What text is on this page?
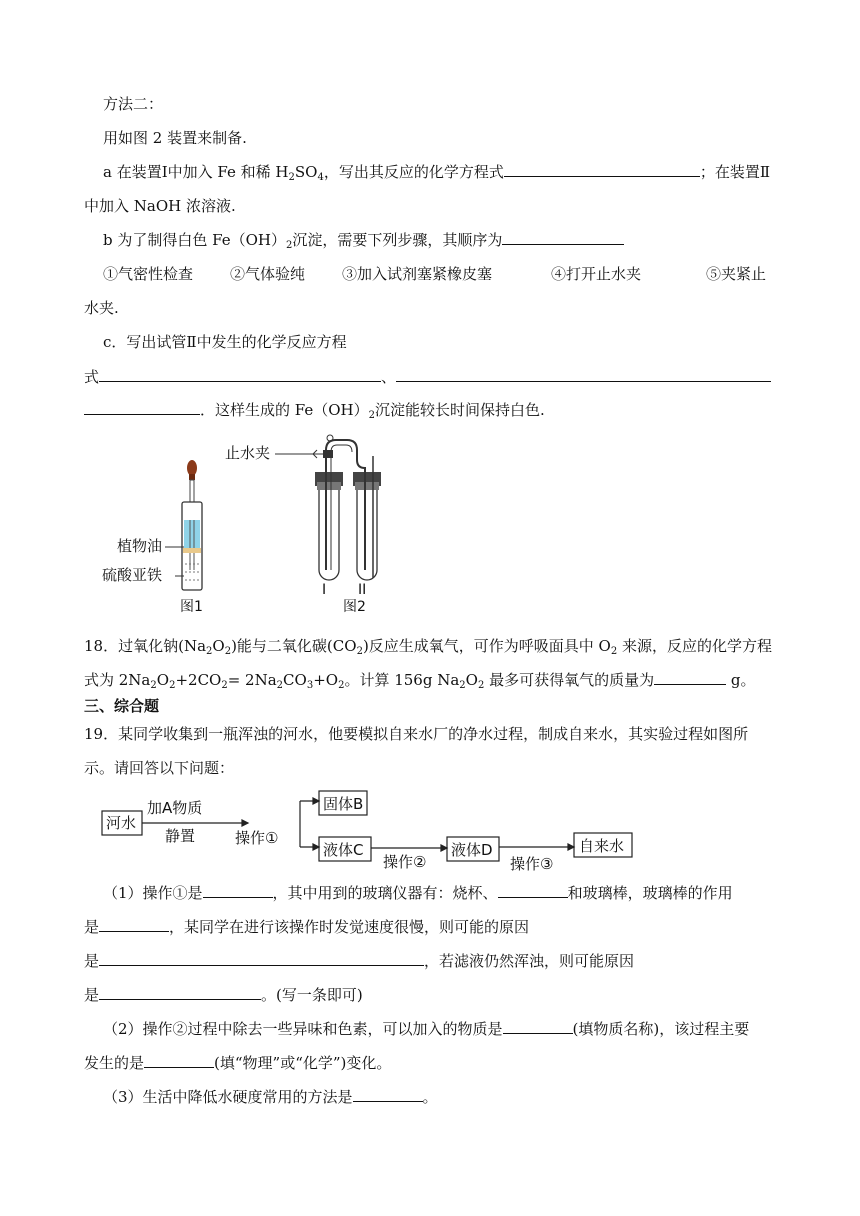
方法二：
用如图 2 装置来制备.
a 在装置Ⅰ中加入 Fe 和稀 $H_2SO_4$，写出其反应的化学方程式	；在装置Ⅱ
中加入 NaOH 浓溶液.
b 为了制得白色 $Fe(OH)_2$沉淀，需要下列步骤，其顺序为
①气密性检查 ②气体验纯 ③加入试剂塞紧橡皮塞	④打开止水夹	⑤夹紧止
水夹.
c．写出试管Ⅱ中发生的化学反应方程
式	、
．这样生成的 $Fe(OH)_2$沉淀能较长时间保持白色.
植物油
硫酸亚铁
图1
止水夹
I II
图2
18．过氧化钠$(Na_2O_2)$能与二氧化碳$(CO_2)$反应生成氧气，可作为呼吸面具中 $O_2$ 来源，反应的化学方程
式为 $2Na_2O_2+2CO_2= 2Na_2CO_3+O_2$。计算 156g $Na_2O_2$ 最多可获得氧气的质量为	g。
三、综合题
19．某同学收集到一瓶浑浊的河水，他要模拟自来水厂的净水过程，制成自来水，其实验过程如图所
示。请回答以下问题：
河水
加A物质
静置	操作①
固体B
液体C
操作②
液体D
操作③
自来水
（1）操作①是	，其中用到的玻璃仪器有：烧杯、	和玻璃棒，玻璃棒的作用
是	，某同学在进行该操作时发觉速度很慢，则可能的原因
是	，若滤液仍然浑浊，则可能原因
是	。(写一条即可)
（2）操作②过程中除去一些异味和色素，可以加入的物质是	(填物质名称)，该过程主要
发生的是	(填“物理”或“化学”)变化。
（3）生活中降低水硬度常用的方法是	。
